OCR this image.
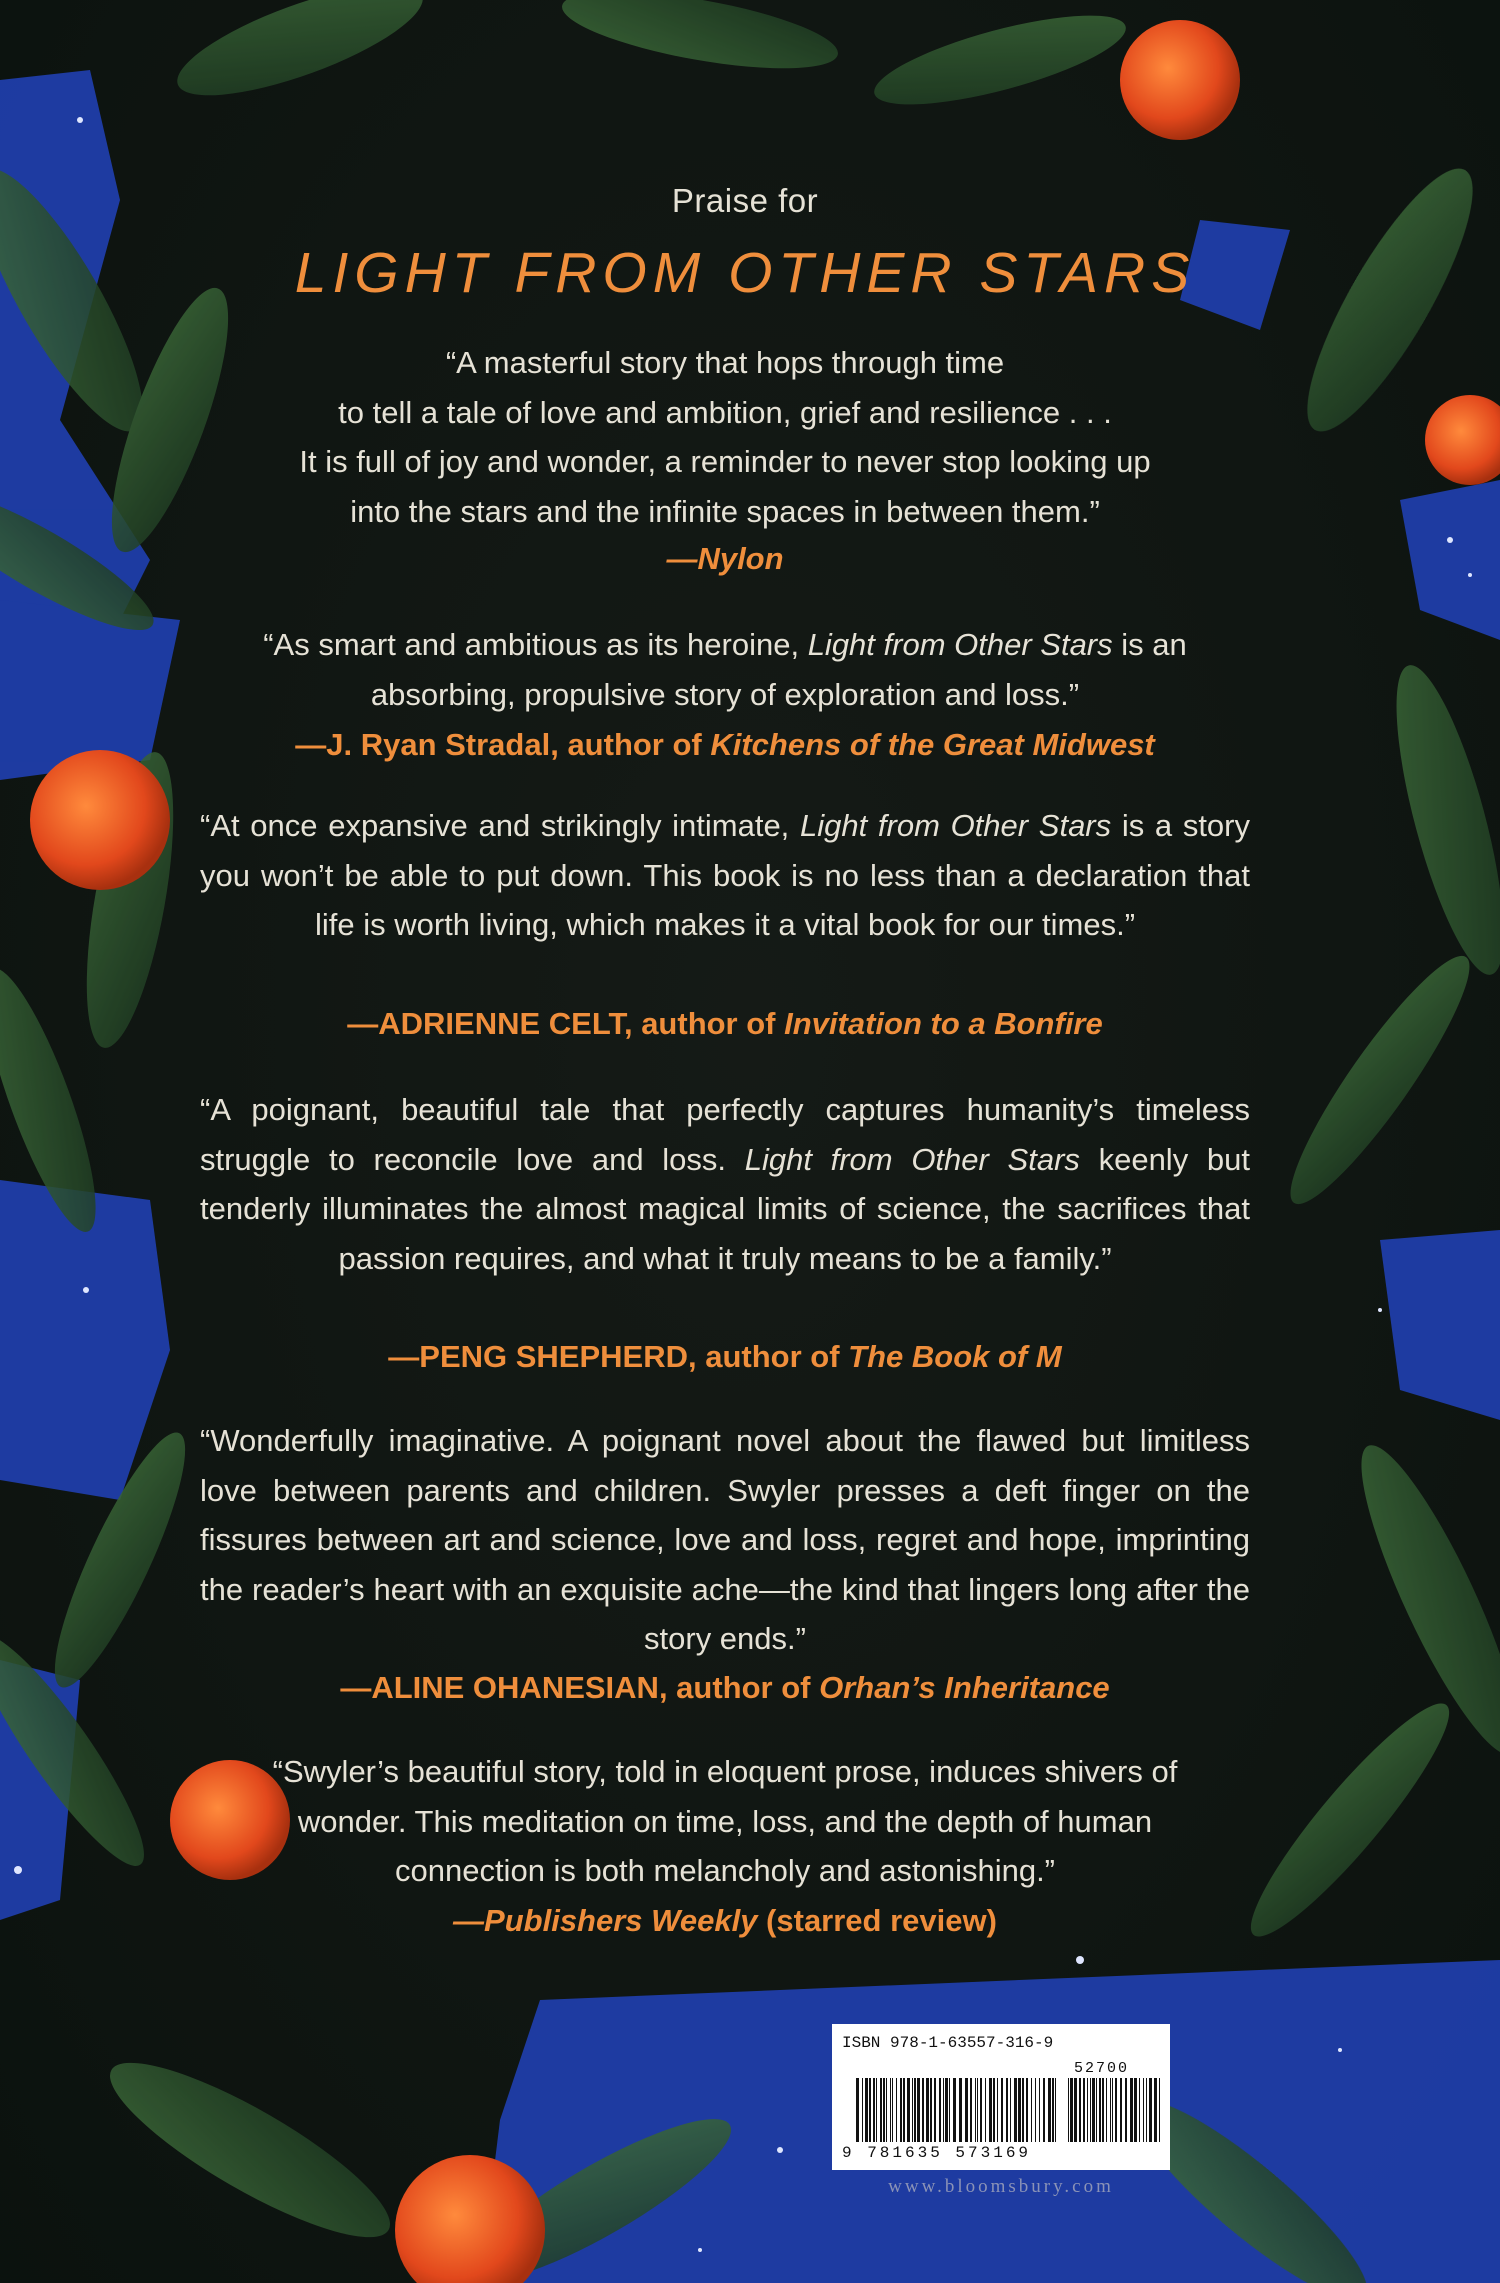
Praise for
LIGHT FROM OTHER STARS
“A masterful story that hops through time
to tell a tale of love and ambition, grief and resilience . . .
It is full of joy and wonder, a reminder to never stop looking up
into the stars and the infinite spaces in between them.”
—Nylon
“As smart and ambitious as its heroine, Light from Other Stars is an absorbing, propulsive story of exploration and loss.”
—J. Ryan Stradal, author of Kitchens of the Great Midwest
“At once expansive and strikingly intimate, Light from Other Stars is a story you won’t be able to put down. This book is no less than a declaration that life is worth living, which makes it a vital book for our times.”
—ADRIENNE CELT, author of Invitation to a Bonfire
“A poignant, beautiful tale that perfectly captures humanity’s timeless struggle to reconcile love and loss. Light from Other Stars keenly but tenderly illuminates the almost magical limits of science, the sacrifices that passion requires, and what it truly means to be a family.”
—PENG SHEPHERD, author of The Book of M
“Wonderfully imaginative. A poignant novel about the flawed but limitless love between parents and children. Swyler presses a deft finger on the fissures between art and science, love and loss, regret and hope, imprinting the reader’s heart with an exquisite ache—the kind that lingers long after the story ends.”
—ALINE OHANESIAN, author of Orhan’s Inheritance
“Swyler’s beautiful story, told in eloquent prose, induces shivers of
wonder. This meditation on time, loss, and the depth of human
connection is both melancholy and astonishing.”
—Publishers Weekly (starred review)
ISBN 978-1-63557-316-9
52700
9 781635 573169
www.bloomsbury.com
